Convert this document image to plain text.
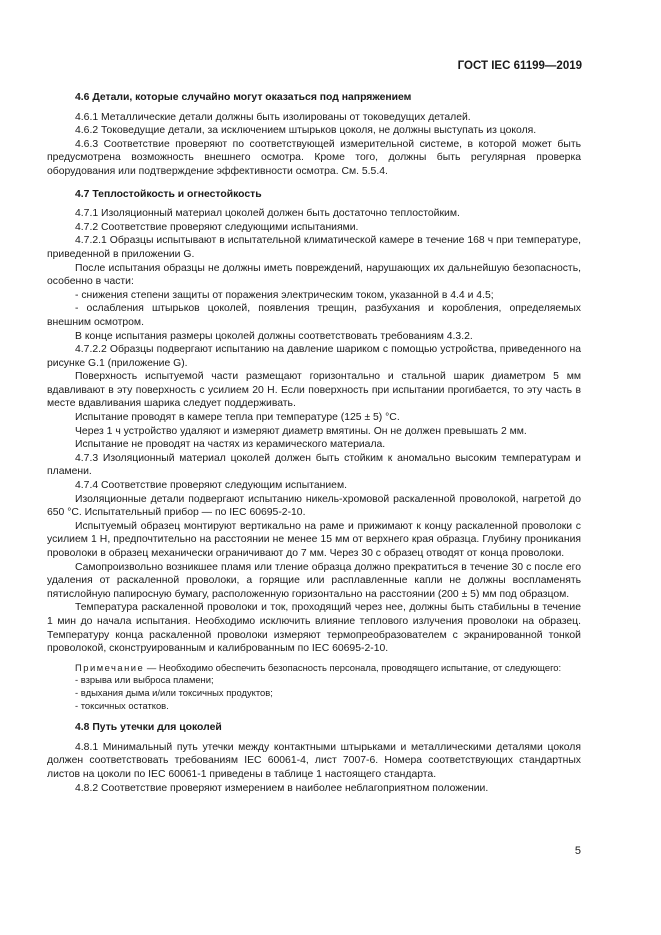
ГОСТ IEC 61199—2019

4.6 Детали, которые случайно могут оказаться под напряжением

4.6.1 Металлические детали должны быть изолированы от токоведущих деталей.

4.6.2 Токоведущие детали, за исключением штырьков цоколя, не должны выступать из цоколя.

4.6.3 Соответствие проверяют по соответствующей измерительной системе, в которой может быть предусмотрена возможность внешнего осмотра. Кроме того, должны быть регулярная проверка оборудования или подтверждение эффективности осмотра. См. 5.5.4.

4.7 Теплостойкость и огнестойкость

4.7.1 Изоляционный материал цоколей должен быть достаточно теплостойким.

4.7.2 Соответствие проверяют следующими испытаниями.

4.7.2.1 Образцы испытывают в испытательной климатической камере в течение 168 ч при температуре, приведенной в приложении G.

После испытания образцы не должны иметь повреждений, нарушающих их дальнейшую безопасность, особенно в части:

- снижения степени защиты от поражения электрическим током, указанной в 4.4 и 4.5;

- ослабления штырьков цоколей, появления трещин, разбухания и коробления, определяемых внешним осмотром.

В конце испытания размеры цоколей должны соответствовать требованиям 4.3.2.

4.7.2.2 Образцы подвергают испытанию на давление шариком с помощью устройства, приведенного на рисунке G.1 (приложение G).

Поверхность испытуемой части размещают горизонтально и стальной шарик диаметром 5 мм вдавливают в эту поверхность с усилием 20 Н. Если поверхность при испытании прогибается, то эту часть в месте вдавливания шарика следует поддерживать.

Испытание проводят в камере тепла при температуре (125 ± 5) °С.

Через 1 ч устройство удаляют и измеряют диаметр вмятины. Он не должен превышать 2 мм.

Испытание не проводят на частях из керамического материала.

4.7.3 Изоляционный материал цоколей должен быть стойким к аномально высоким температурам и пламени.

4.7.4 Соответствие проверяют следующим испытанием.

Изоляционные детали подвергают испытанию никель-хромовой раскаленной проволокой, нагретой до 650 °С. Испытательный прибор — по IEC 60695-2-10.

Испытуемый образец монтируют вертикально на раме и прижимают к концу раскаленной проволоки с усилием 1 Н, предпочтительно на расстоянии не менее 15 мм от верхнего края образца. Глубину проникания проволоки в образец механически ограничивают до 7 мм. Через 30 с образец отводят от конца проволоки.

Самопроизвольно возникшее пламя или тление образца должно прекратиться в течение 30 с после его удаления от раскаленной проволоки, а горящие или расплавленные капли не должны воспламенять пятислойную папиросную бумагу, расположенную горизонтально на расстоянии (200 ± 5) мм под образцом.

Температура раскаленной проволоки и ток, проходящий через нее, должны быть стабильны в течение 1 мин до начала испытания. Необходимо исключить влияние теплового излучения проволоки на образец. Температуру конца раскаленной проволоки измеряют термопреобразователем с экранированной тонкой проволокой, сконструированным и калиброванным по IEC 60695-2-10.

Примечание — Необходимо обеспечить безопасность персонала, проводящего испытание, от следующего:

- взрыва или выброса пламени;

- вдыхания дыма и/или токсичных продуктов;

- токсичных остатков.

4.8 Путь утечки для цоколей

4.8.1 Минимальный путь утечки между контактными штырьками и металлическими деталями цоколя должен соответствовать требованиям IEC 60061-4, лист 7007-6. Номера соответствующих стандартных листов на цоколи по IEC 60061-1 приведены в таблице 1 настоящего стандарта.

4.8.2 Соответствие проверяют измерением в наиболее неблагоприятном положении.

5
